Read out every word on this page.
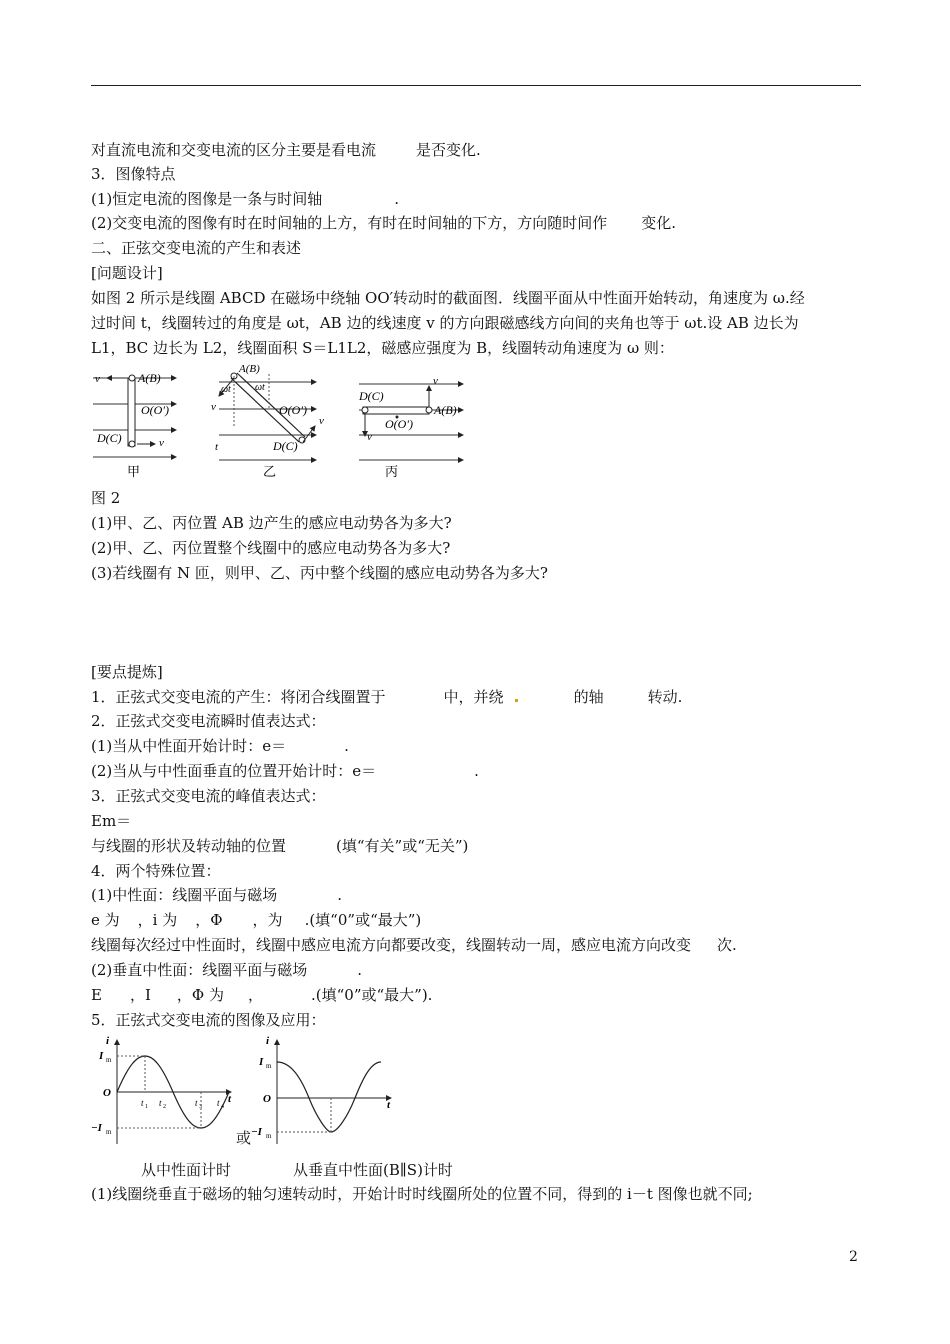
对直流电流和交变电流的区分主要是看电流	是否变化.
3．图像特点
(1)恒定电流的图像是一条与时间轴	.
(2)交变电流的图像有时在时间轴的上方，有时在时间轴的下方，方向随时间作 变化.
二、正弦交变电流的产生和表述
[问题设计]
如图 2 所示是线圈 ABCD 在磁场中绕轴 OO′转动时的截面图．线圈平面从中性面开始转动，角速度为 ω.经
过时间 t，线圈转过的角度是 ωt，AB 边的线速度 v 的方向跟磁感线方向间的夹角也等于 ωt.设 AB 边长为
L1，BC 边长为 L2，线圈面积 S＝L1L2，磁感应强度为 B，线圈转动角速度为 ω 则：
v	A(B)
O(O′)
D(C)	v
甲
A(B)
ωt ωt
v	O(O′)
t	D(C)
v
乙
D(C)
v
A(B)
O(O′)
v
丙
图 2
(1)甲、乙、丙位置 AB 边产生的感应电动势各为多大?
(2)甲、乙、丙位置整个线圈中的感应电动势各为多大?
(3)若线圈有 N 匝，则甲、乙、丙中整个线圈的感应电动势各为多大?
[要点提炼]
1．正弦式交变电流的产生：将闭合线圈置于	中，并绕	的轴	转动.
2．正弦式交变电流瞬时值表达式：
(1)当从中性面开始计时：e＝	.
(2)当从与中性面垂直的位置开始计时：e＝	.
3．正弦式交变电流的峰值表达式：
Em＝
与线圈的形状及转动轴的位置	(填“有关”或“无关”)
4．两个特殊位置：
(1)中性面：线圈平面与磁场	.
e 为 ，i 为 ，Φ ，为 .(填“0”或“最大”)
线圈每次经过中性面时，线圈中感应电流方向都要改变，线圈转动一周，感应电流方向改变 次.
(2)垂直中性面：线圈平面与磁场	.
E ，I ，Φ 为 ，	.(填“0”或“最大”).
5．正弦式交变电流的图像及应用：
i
I m
O
−I m
t 1 t 2	t 3 t 4
t
i
I m
O
−I m
t
或
从中性面计时	从垂直中性面(B∥S)计时
(1)线圈绕垂直于磁场的轴匀速转动时，开始计时时线圈所处的位置不同，得到的 i－t 图像也就不同;
2
